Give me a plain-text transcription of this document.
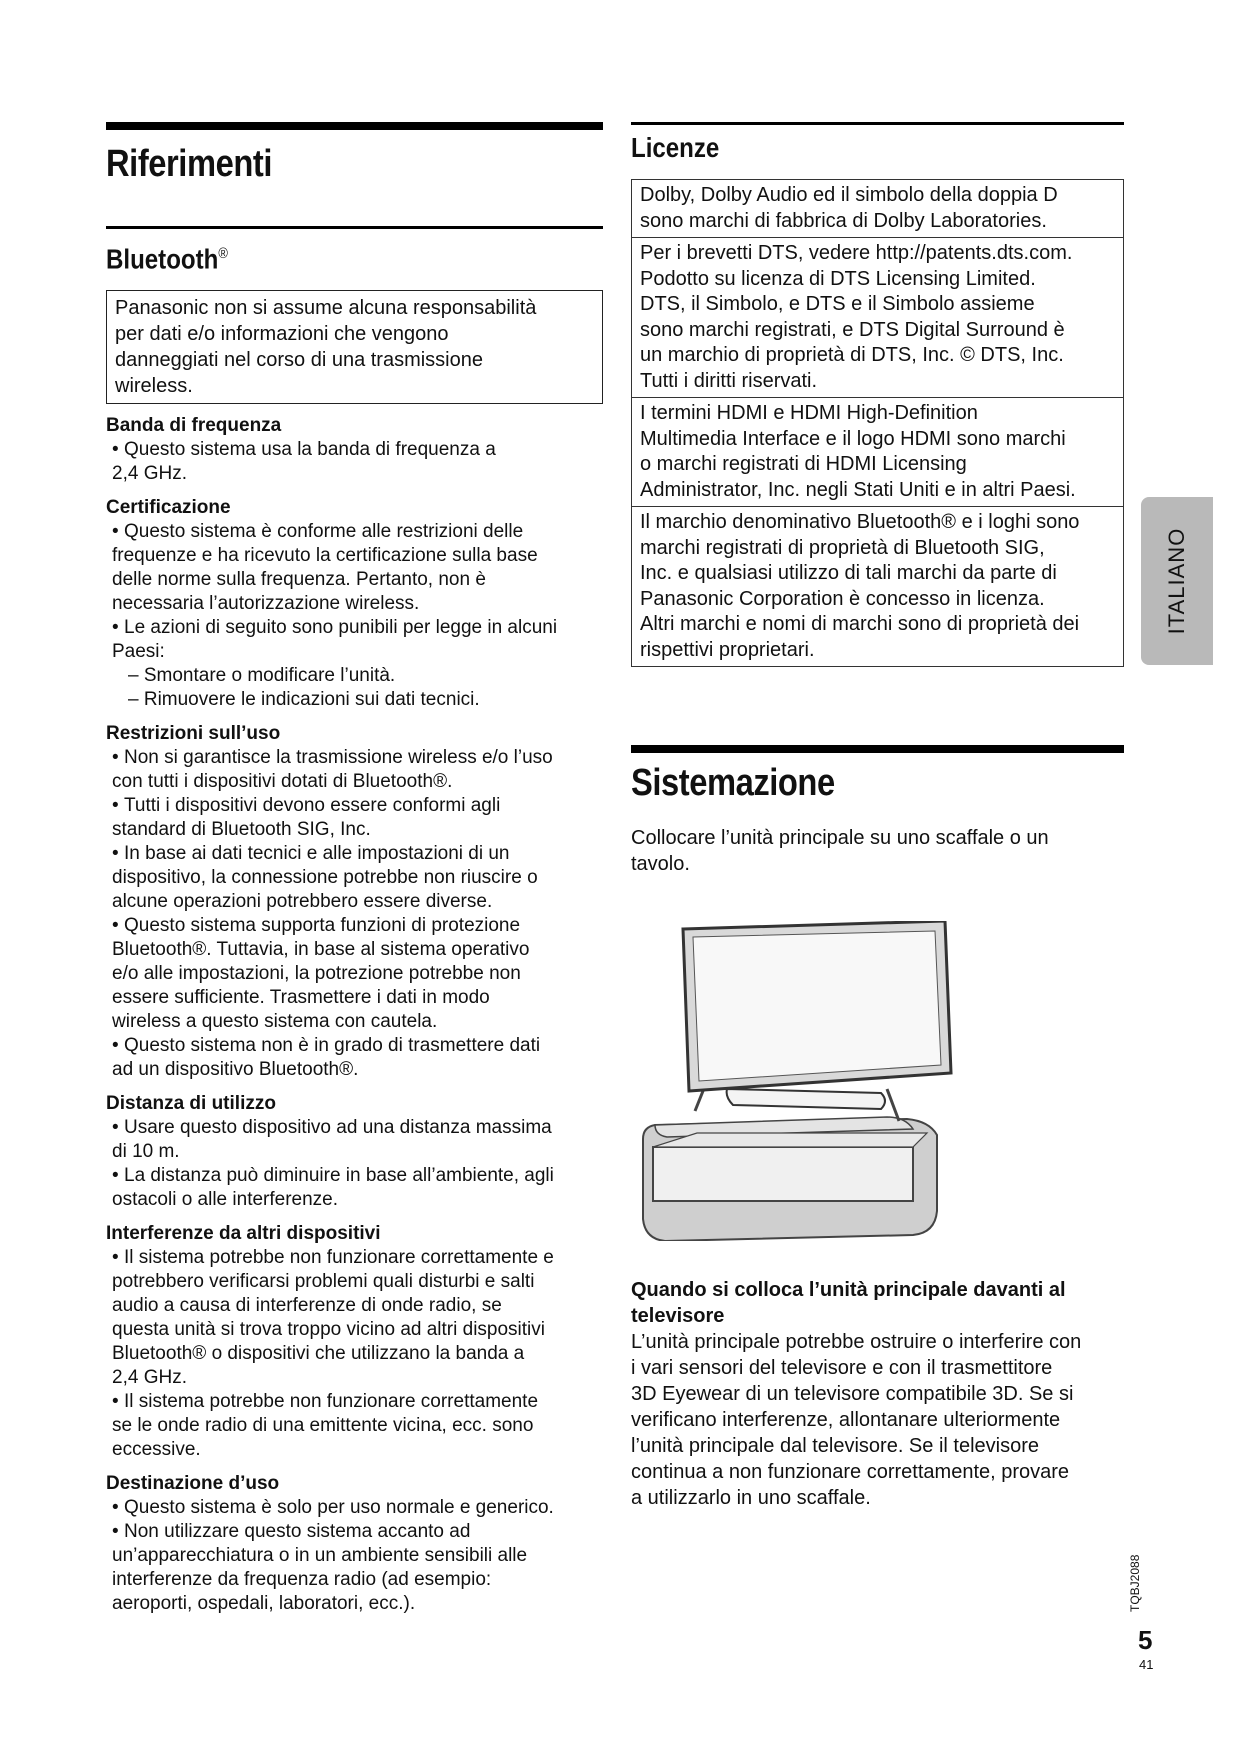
Riferimenti
Bluetooth®

Panasonic non si assume alcuna responsabilità

per dati e/o informazioni che vengono

danneggiati nel corso di una trasmissione

wireless.

Banda di frequenza
• Questo sistema usa la banda di frequenza a
2,4 GHz.
Certificazione
• Questo sistema è conforme alle restrizioni delle
frequenze e ha ricevuto la certificazione sulla base
delle norme sulla frequenza. Pertanto, non è
necessaria l’autorizzazione wireless.
• Le azioni di seguito sono punibili per legge in alcuni
Paesi:
– Smontare o modificare l’unità.
– Rimuovere le indicazioni sui dati tecnici.
Restrizioni sull’uso
• Non si garantisce la trasmissione wireless e/o l’uso
con tutti i dispositivi dotati di Bluetooth®.
• Tutti i dispositivi devono essere conformi agli
standard di Bluetooth SIG, Inc.
• In base ai dati tecnici e alle impostazioni di un
dispositivo, la connessione potrebbe non riuscire o
alcune operazioni potrebbero essere diverse.
• Questo sistema supporta funzioni di protezione
Bluetooth®. Tuttavia, in base al sistema operativo
e/o alle impostazioni, la potrezione potrebbe non
essere sufficiente. Trasmettere i dati in modo
wireless a questo sistema con cautela.
• Questo sistema non è in grado di trasmettere dati
ad un dispositivo Bluetooth®.
Distanza di utilizzo
• Usare questo dispositivo ad una distanza massima
di 10 m.
• La distanza può diminuire in base all’ambiente, agli
ostacoli o alle interferenze.
Interferenze da altri dispositivi
• Il sistema potrebbe non funzionare correttamente e
potrebbero verificarsi problemi quali disturbi e salti
audio a causa di interferenze di onde radio, se
questa unità si trova troppo vicino ad altri dispositivi
Bluetooth® o dispositivi che utilizzano la banda a
2,4 GHz.
• Il sistema potrebbe non funzionare correttamente
se le onde radio di una emittente vicina, ecc. sono
eccessive.
Destinazione d’uso
• Questo sistema è solo per uso normale e generico.
• Non utilizzare questo sistema accanto ad
un’apparecchiatura o in un ambiente sensibili alle
interferenze da frequenza radio (ad esempio:
aeroporti, ospedali, laboratori, ecc.).
Licenze
Dolby, Dolby Audio ed il simbolo della doppia D
sono marchi di fabbrica di Dolby Laboratories.
Per i brevetti DTS, vedere http://patents.dts.com.
Podotto su licenza di DTS Licensing Limited.
DTS, il Simbolo, e DTS e il Simbolo assieme
sono marchi registrati, e DTS Digital Surround è
un marchio di proprietà di DTS, Inc. © DTS, Inc.
Tutti i diritti riservati.
I termini HDMI e HDMI High-Definition
Multimedia Interface e il logo HDMI sono marchi
o marchi registrati di HDMI Licensing
Administrator, Inc. negli Stati Uniti e in altri Paesi.
Il marchio denominativo Bluetooth® e i loghi sono
marchi registrati di proprietà di Bluetooth SIG,
Inc. e qualsiasi utilizzo di tali marchi da parte di
Panasonic Corporation è concesso in licenza.
Altri marchi e nomi di marchi sono di proprietà dei
rispettivi proprietari.
Sistemazione

Collocare l’unità principale su uno scaffale o un

tavolo.

Quando si colloca l’unità principale davanti al

televisore

L’unità principale potrebbe ostruire o interferire con

i vari sensori del televisore e con il trasmettitore

3D Eyewear di un televisore compatibile 3D. Se si

verificano interferenze, allontanare ulteriormente

l’unità principale dal televisore. Se il televisore

continua a non funzionare correttamente, provare

a utilizzarlo in uno scaffale.

ITALIANO
TQBJ2088
5
41
